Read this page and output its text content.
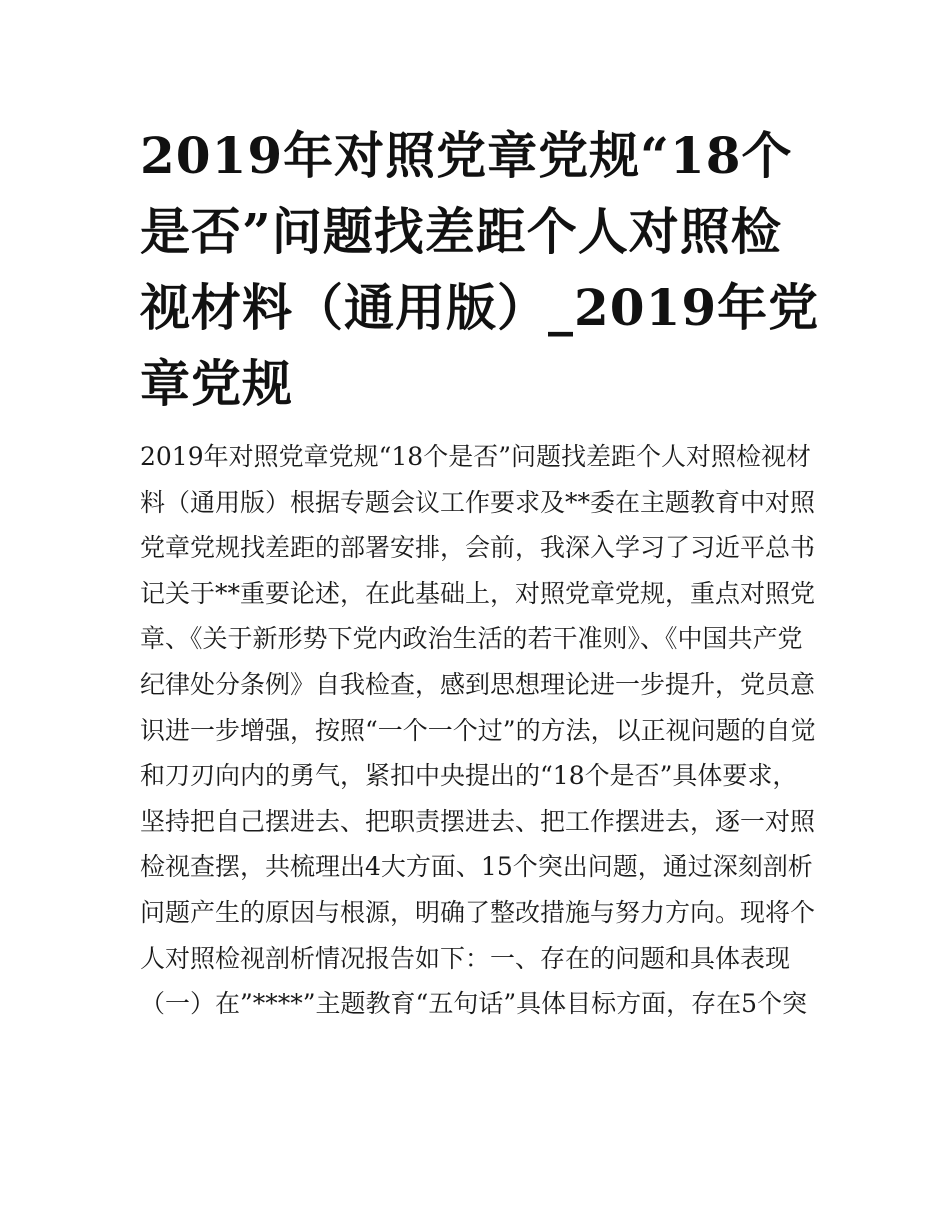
2019年对照党章党规“18个是否”问题找差距个人对照检视材料（通用版）_2019年党章党规

2019年对照党章党规“18个是否”问题找差距个人对照检视材料（通用版）根据专题会议工作要求及**委在主题教育中对照党章党规找差距的部署安排，会前，我深入学习了习近平总书记关于**重要论述，在此基础上，对照党章党规，重点对照党章、《关于新形势下党内政治生活的若干准则》、《中国共产党纪律处分条例》自我检查，感到思想理论进一步提升，党员意识进一步增强，按照“一个一个过”的方法，以正视问题的自觉和刀刃向内的勇气，紧扣中央提出的“18个是否”具体要求，坚持把自己摆进去、把职责摆进去、把工作摆进去，逐一对照检视查摆，共梳理出4大方面、15个突出问题，通过深刻剖析问题产生的原因与根源，明确了整改措施与努力方向。现将个人对照检视剖析情况报告如下：一、存在的问题和具体表现（一）在”****”主题教育“五句话”具体目标方面，存在5个突
